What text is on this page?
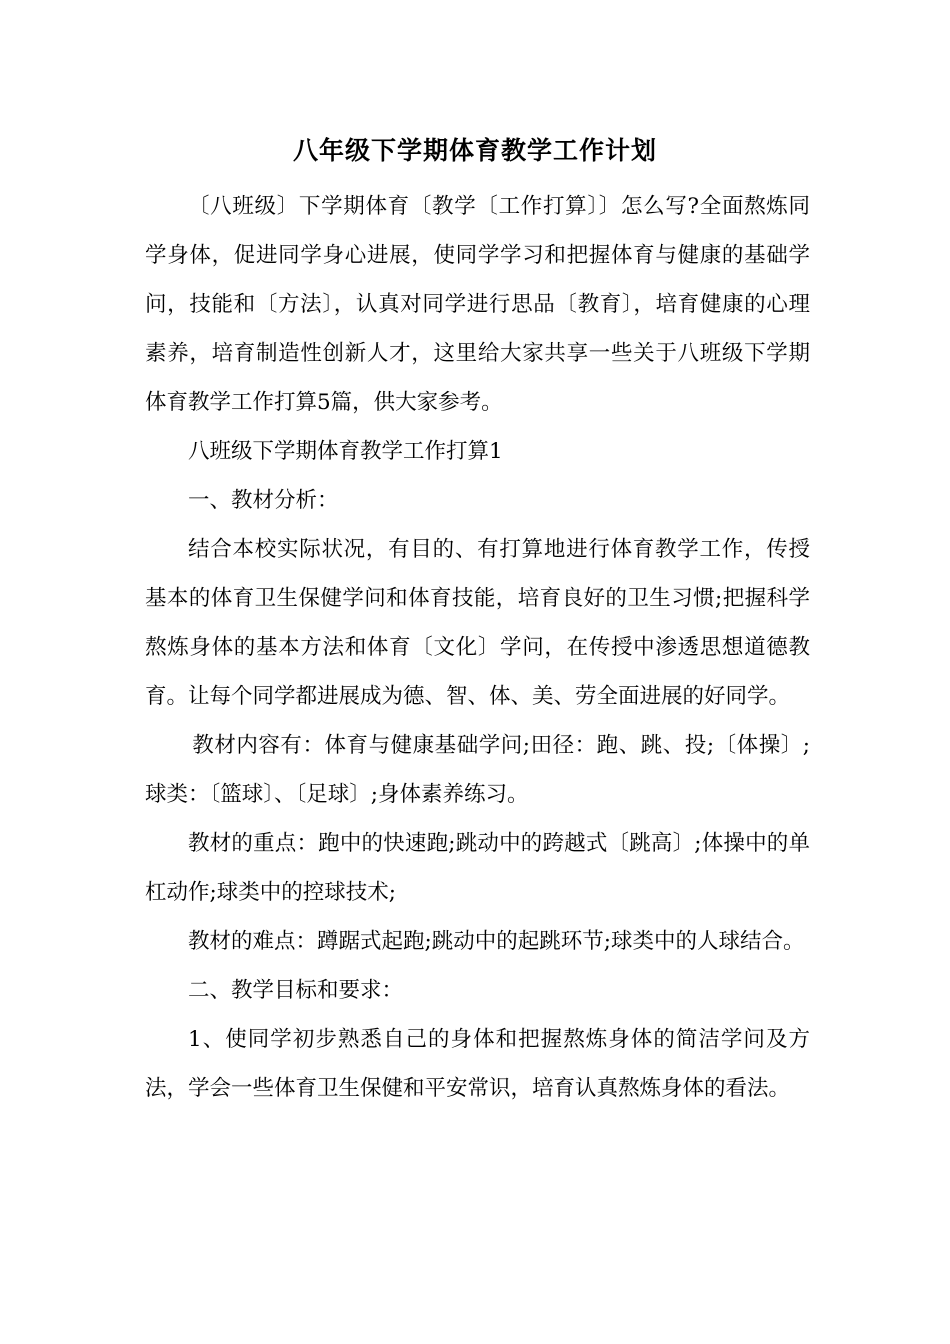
八年级下学期体育教学工作计划

〔八班级〕下学期体育〔教学〔工作打算〕〕怎么写?全面熬炼同学身体，促进同学身心进展，使同学学习和把握体育与健康的基础学问，技能和〔方法〕，认真对同学进行思品〔教育〕，培育健康的心理素养，培育制造性创新人才，这里给大家共享一些关于八班级下学期体育教学工作打算5篇，供大家参考。

八班级下学期体育教学工作打算1

一、教材分析：

结合本校实际状况，有目的、有打算地进行体育教学工作，传授基本的体育卫生保健学问和体育技能，培育良好的卫生习惯;把握科学熬炼身体的基本方法和体育〔文化〕学问，在传授中渗透思想道德教育。让每个同学都进展成为德、智、体、美、劳全面进展的好同学。

教材内容有：体育与健康基础学问;田径：跑、跳、投;〔体操〕;球类：〔篮球〕、〔足球〕;身体素养练习。

教材的重点：跑中的快速跑;跳动中的跨越式〔跳高〕;体操中的单杠动作;球类中的控球技术;

教材的难点：蹲踞式起跑;跳动中的起跳环节;球类中的人球结合。

二、教学目标和要求：

1、使同学初步熟悉自己的身体和把握熬炼身体的简洁学问及方法，学会一些体育卫生保健和平安常识，培育认真熬炼身体的看法。
